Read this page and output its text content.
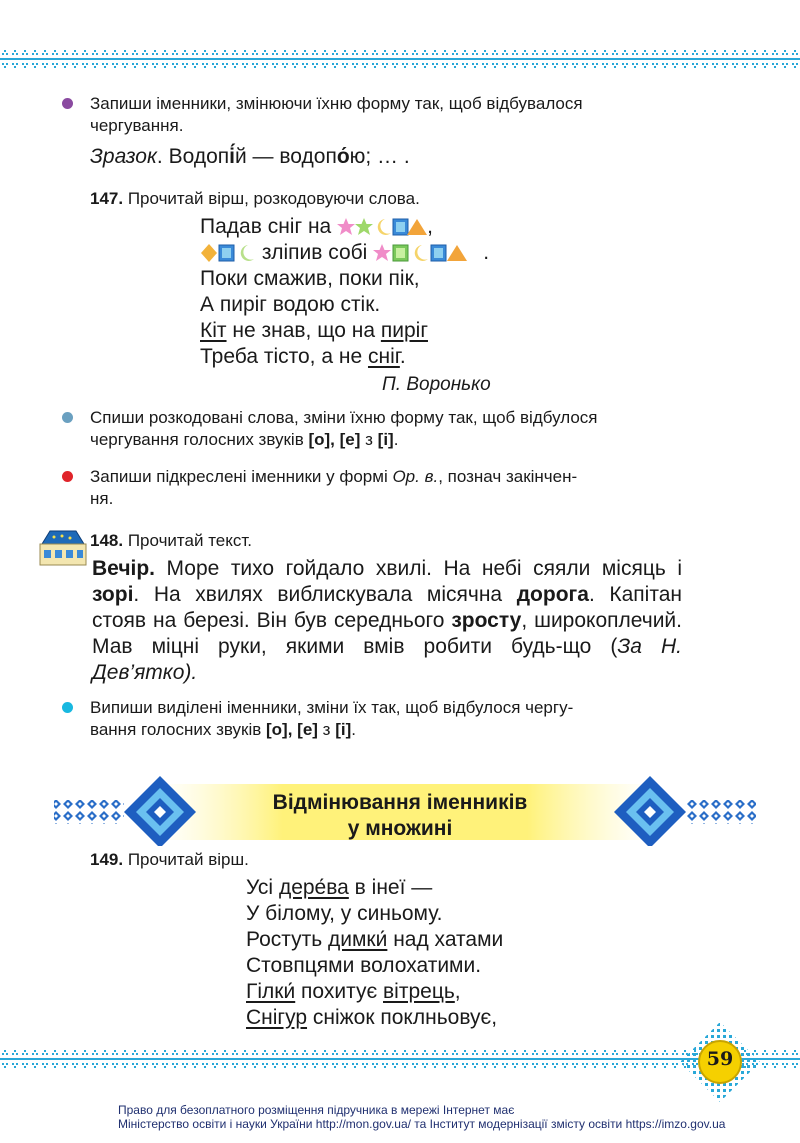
Запиши іменники, змінюючи їхню форму так, щоб відбувалося
чергування.
Зразок. Водопі́й — водопо́ю; … .
147. Прочитай вірш, розкодовуючи слова.
Падав сніг на	,
зліпив собі	.
Поки смажив, поки пік,
А пиріг водою стік.
Кіт не знав, що на пиріг
Треба тісто, а не сніг.
П. Воронько
Спиши розкодовані слова, зміни їхню форму так, щоб відбулося
чергування голосних звуків [о], [е] з [і].
Запиши підкреслені іменники у формі Ор. в., познач закінчен-
ня.
148. Прочитай текст.
Вечір. Море тихо гойдало хвилі. На небі сяяли місяць і зорі. На хвилях виблискувала місячна дорога. Капітан стояв на березі. Він був середнього зросту, широкоплечий. Мав міцні руки, якими вмів робити будь-що (За Н. Дев’ятко).
Випиши виділені іменники, зміни їх так, щоб відбулося чергу-
вання голосних звуків [о], [е] з [і].
Відмінювання іменників
у множині
149. Прочитай вірш.
Усі дере́ва в інеї —
У білому, у синьому.
Ростуть димки́ над хатами
Стовпцями волохатими.
Гілки́ похитує вітрець,
Снігур сніжок поклньовує,
59
Право для безоплатного розміщення підручника в мережі Інтернет має
Міністерство освіти і науки України http://mon.gov.ua/ та Інститут модернізації змісту освіти https://imzo.gov.ua
